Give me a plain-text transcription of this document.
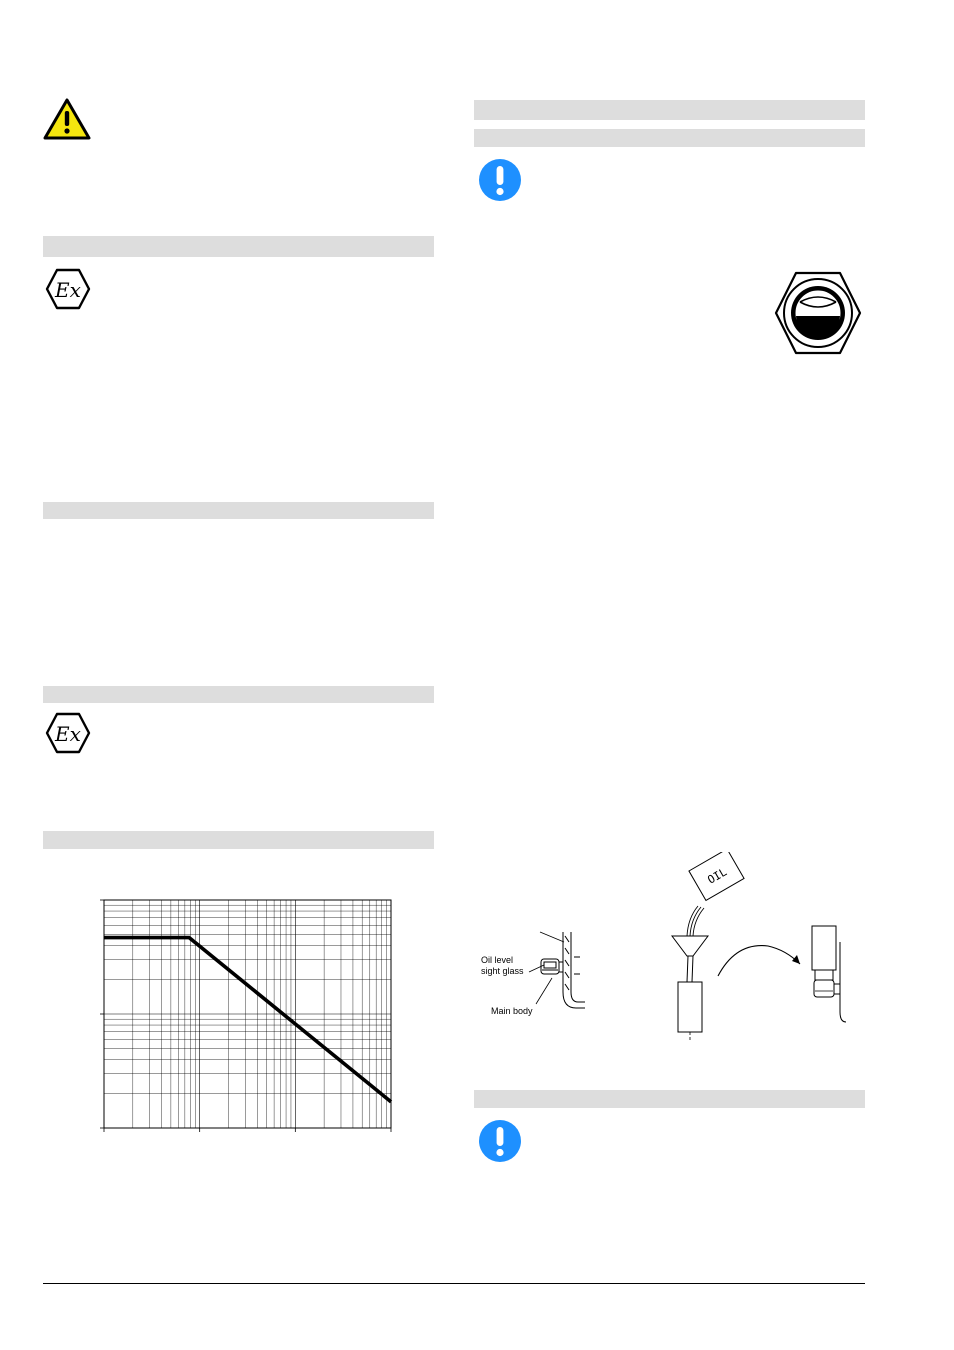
Ex
Ex
Oil level
sight glass
Main body
OIL
